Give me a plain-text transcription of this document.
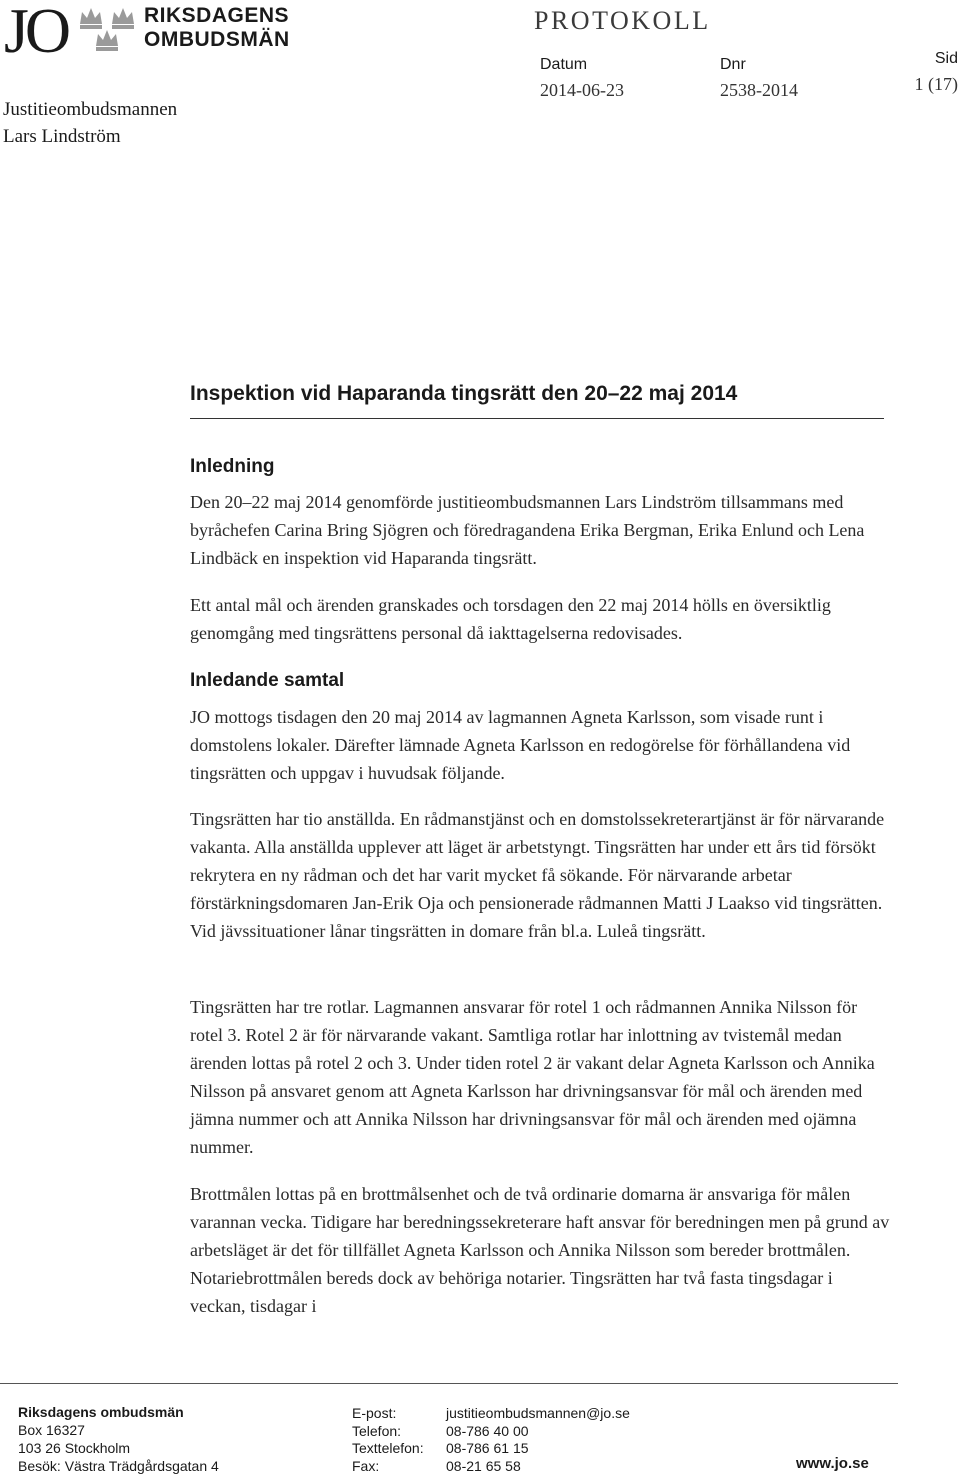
JO	RIKSDAGENS
OMBUDSMÄN
Justitieombudsmannen
Lars Lindström
PROTOKOLL
Datum
2014-06-23
Dnr
2538-2014
Sid
1 (17)
Inspektion vid Haparanda tingsrätt den 20–22 maj 2014
Inledning
Den 20–22 maj 2014 genomförde justitieombudsmannen Lars Lindström tillsammans med byråchefen Carina Bring Sjögren och föredragandena Erika Bergman, Erika Enlund och Lena Lindbäck en inspektion vid Haparanda tingsrätt.
Ett antal mål och ärenden granskades och torsdagen den 22 maj 2014 hölls en översiktlig genomgång med tingsrättens personal då iakttagelserna redovisades.
Inledande samtal
JO mottogs tisdagen den 20 maj 2014 av lagmannen Agneta Karlsson, som visade runt i domstolens lokaler. Därefter lämnade Agneta Karlsson en redogörelse för förhållandena vid tingsrätten och uppgav i huvudsak följande.
Tingsrätten har tio anställda. En rådmanstjänst och en domstolssekreterartjänst är för närvarande vakanta. Alla anställda upplever att läget är arbetstyngt. Tingsrätten har under ett års tid försökt rekrytera en ny rådman och det har varit mycket få sökande. För närvarande arbetar förstärkningsdomaren Jan-Erik Oja och pensionerade rådmannen Matti J Laakso vid tingsrätten. Vid jävssituationer lånar tingsrätten in domare från bl.a. Luleå tingsrätt.
Tingsrätten har tre rotlar. Lagmannen ansvarar för rotel 1 och rådmannen Annika Nilsson för rotel 3. Rotel 2 är för närvarande vakant. Samtliga rotlar har inlottning av tvistemål medan ärenden lottas på rotel 2 och 3. Under tiden rotel 2 är vakant delar Agneta Karlsson och Annika Nilsson på ansvaret genom att Agneta Karlsson har drivningsansvar för mål och ärenden med jämna nummer och att Annika Nilsson har drivningsansvar för mål och ärenden med ojämna nummer.
Brottmålen lottas på en brottmålsenhet och de två ordinarie domarna är ansvariga för målen varannan vecka. Tidigare har beredningssekreterare haft ansvar för beredningen men på grund av arbetsläget är det för tillfället Agneta Karlsson och Annika Nilsson som bereder brottmålen. Notariebrottmålen bereds dock av behöriga notarier. Tingsrätten har två fasta tingsdagar i veckan, tisdagar i
Riksdagens ombudsmän
Box 16327
103 26 Stockholm
Besök: Västra Trädgårdsgatan 4
E-post:	justitieombudsmannen@jo.se
Telefon:	08-786 40 00
Texttelefon:	08-786 61 15
Fax:	08-21 65 58	www.jo.se
